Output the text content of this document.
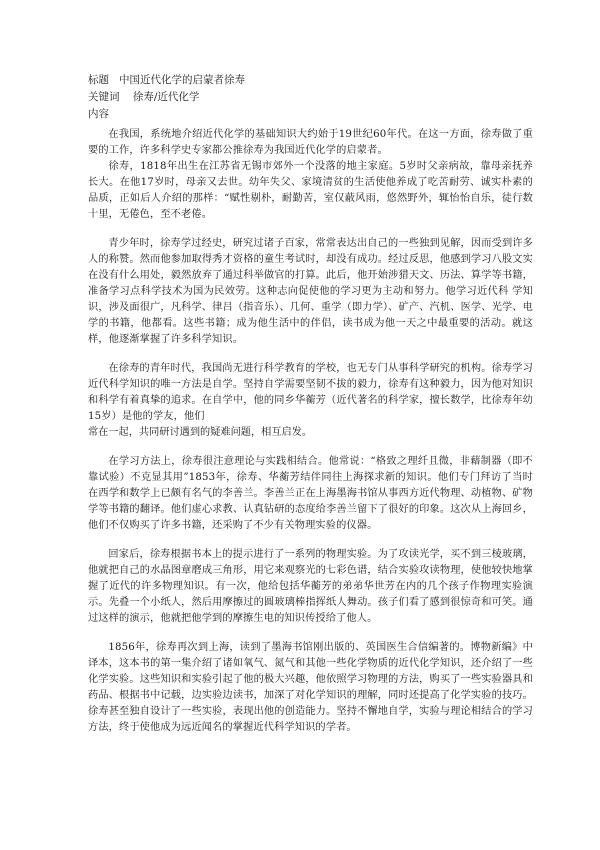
标题 中国近代化学的启蒙者徐寿
关键词 徐寿/近代化学
内容

在我国，系统地介绍近代化学的基础知识大约始于19世纪60年代。在这一方面，徐寿做了重要的工作，许多科学史专家都公推徐寿为我国近代化学的启蒙者。

徐寿，1818年出生在江苏省无锡市郊外一个没落的地主家庭。5岁时父亲病故，靠母亲抚养长大。在他17岁时，母亲又去世。幼年失父、家境清贫的生活使他养成了吃苦耐劳、诚实朴素的品质，正如后人介绍的那样：“赋性剔朴，耐勤苦，室仅蔽风雨，悠然野外，辄怡怡自乐，徒行数十里，无倦色，至不老倦。

青少年时，徐寿学过经史，研究过诸子百家，常常表达出自己的一些独到见解，因而受到许多人的称赞。然而他参加取得秀才资格的童生考试时，却没有成功。经过反思，他感到学习八股文实在没有什么用处，毅然放弃了通过科举做官的打算。此后，他开始涉猎天文、历法、算学等书籍，准备学习点科学技术为国为民效劳。这种志向促使他的学习更为主动和努力。他学习近代科 学知识，涉及面很广，凡科学、律吕（指音乐）、几何、重学（即力学）、矿产、汽机、医学、光学、电学的书籍，他都看。这些书籍；成为他生活中的伴侣，读书成为他一天之中最重要的活动。就这样，他逐渐掌握了许多科学知识。

在徐寿的青年时代，我国尚无进行科学教育的学校，也无专门从事科学研究的机构。徐寿学习近代科学知识的唯一方法是自学。坚持自学需要坚韧不拔的毅力，徐寿有这种毅力，因为他对知识和科学有着真挚的追求。在自学中，他的同乡华蘅芳（近代著名的科学家，擅长数学，比徐寿年幼15岁）是他的学友，他们

常在一起，共同研讨遇到的疑难问题，相互启发。

在学习方法上，徐寿很注意理论与实践相结合。他常说：“格致之理纤且微，非藉制器（即不靠试验）不克显其用”1853年，徐寿、华蘅芳结伴同往上海探求新的知识。他们专门拜访了当时在西学和数学上已颇有名气的李善兰。李善兰正在上海墨海书馆从事西方近代物理、动植物、矿物学等书籍的翻译。他们虚心求教、认真钻研的态度给李善兰留下了很好的印象。这次从上海回乡，他们不仅购买了许多书籍，还采购了不少有关物理实验的仪器。

回家后，徐寿根据书本上的提示进行了一系列的物理实验。为了攻读光学，买不到三棱玻璃，他就把自己的水晶图章磨成三角形，用它来观察光的七彩色谱，结合实验攻读物理，使他较快地掌握了近代的许多物理知识。有一次，他给包括华蘅芳的弟弟华世芳在内的几个孩子作物理实验演示。先叠一个小纸人，然后用摩擦过的圆玻璃棒指挥纸人舞动。孩子们看了感到很惊奇和可笑。通过这样的演示，他就把他学到的摩擦生电的知识传授给了他人。

1856年，徐寿再次到上海，读到了墨海书馆刚出版的、英国医生合信编著的。博物新编》中译本，这本书的第一集介绍了诸如氧气、氮气和其他一些化学物质的近代化学知识，还介绍了一些化学实验。这些知识和实验引起了他的极大兴趣，他依照学习物理的方法，购买了一些实验器具和药品、根据书中记载，边实验边读书，加深了对化学知识的理解，同时还提高了化学实验的技巧。徐寿甚至独自设计了一些实验，表现出他的创造能力。坚持不懈地自学，实验与理论相结合的学习方法，终于使他成为远近闻名的掌握近代科学知识的学者。
